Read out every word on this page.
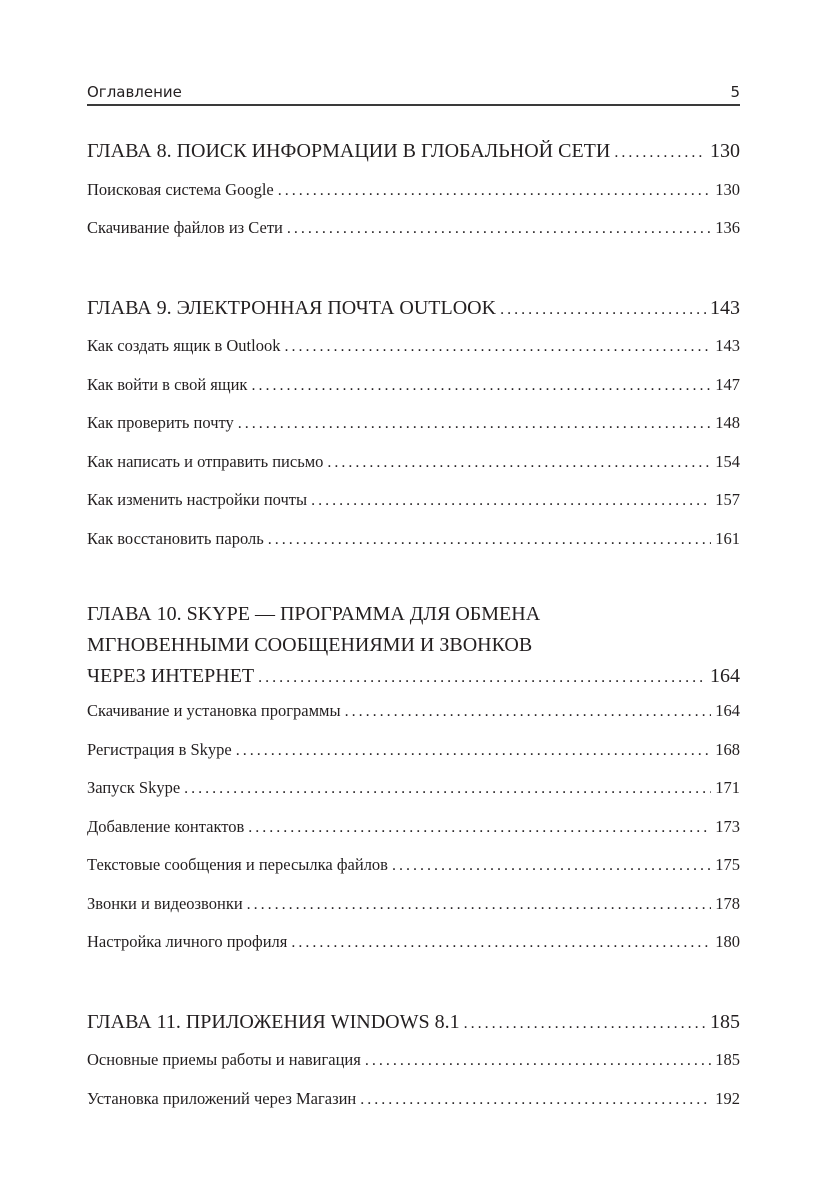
Оглавление	5
ГЛАВА 8. ПОИСК ИНФОРМАЦИИ В ГЛОБАЛЬНОЙ СЕТИ . . .	130
Поисковая система Google . . .	130
Скачивание файлов из Сети . . .	136
ГЛАВА 9. ЭЛЕКТРОННАЯ ПОЧТА OUTLOOK . . .	143
Как создать ящик в Outlook . . .	143
Как войти в свой ящик . . .	147
Как проверить почту . . .	148
Как написать и отправить письмо . . .	154
Как изменить настройки почты . . .	157
Как восстановить пароль . . .	161
ГЛАВА 10. SKYPE — ПРОГРАММА ДЛЯ ОБМЕНА
МГНОВЕННЫМИ СООБЩЕНИЯМИ И ЗВОНКОВ
ЧЕРЕЗ ИНТЕРНЕТ . . .	164
Скачивание и установка программы . . .	164
Регистрация в Skype . . .	168
Запуск Skype . . .	171
Добавление контактов . . .	173
Текстовые сообщения и пересылка файлов . . .	175
Звонки и видеозвонки . . .	178
Настройка личного профиля . . .	180
ГЛАВА 11. ПРИЛОЖЕНИЯ WINDOWS 8.1 . . .	185
Основные приемы работы и навигация . . .	185
Установка приложений через Магазин . . .	192
